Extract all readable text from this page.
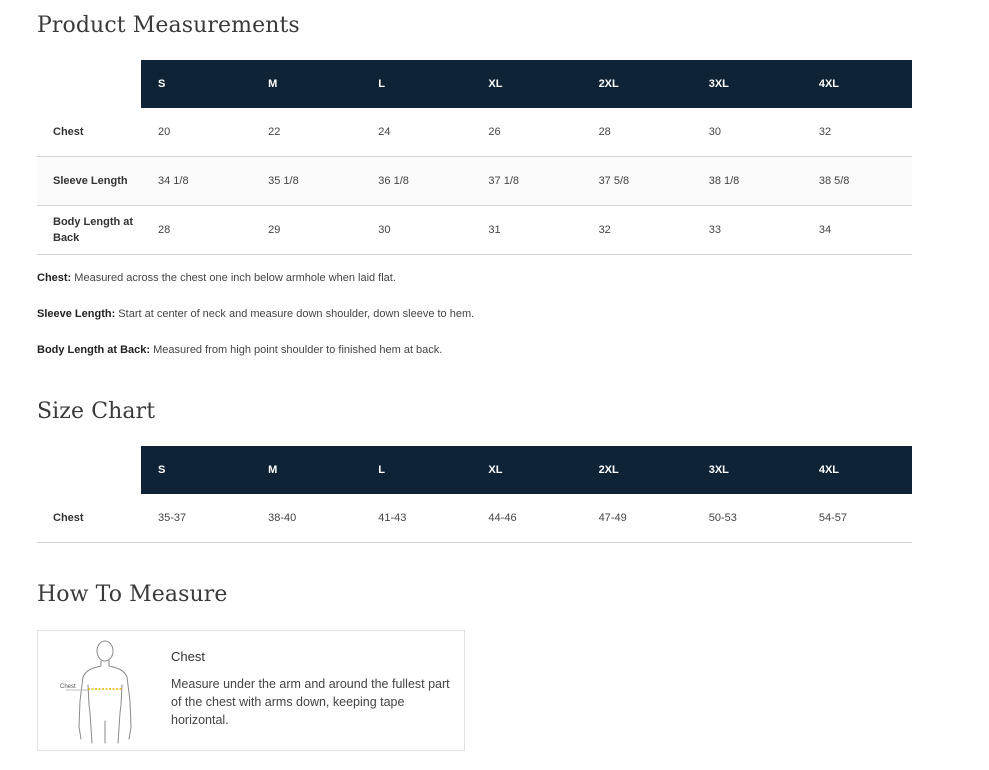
Product Measurements
	S	M	L	XL	2XL	3XL	4XL
Chest	20	22	24	26	28	30	32
Sleeve Length	34 1/8	35 1/8	36 1/8	37 1/8	37 5/8	38 1/8	38 5/8
Body Length at Back	28	29	30	31	32	33	34

Chest: Measured across the chest one inch below armhole when laid flat.

Sleeve Length: Start at center of neck and measure down shoulder, down sleeve to hem.

Body Length at Back: Measured from high point shoulder to finished hem at back.

Size Chart
	S	M	L	XL	2XL	3XL	4XL
Chest	35-37	38-40	41-43	44-46	47-49	50-53	54-57
How To Measure
Chest
Chest

Measure under the arm and around the fullest part of the chest with arms down, keeping tape horizontal.
